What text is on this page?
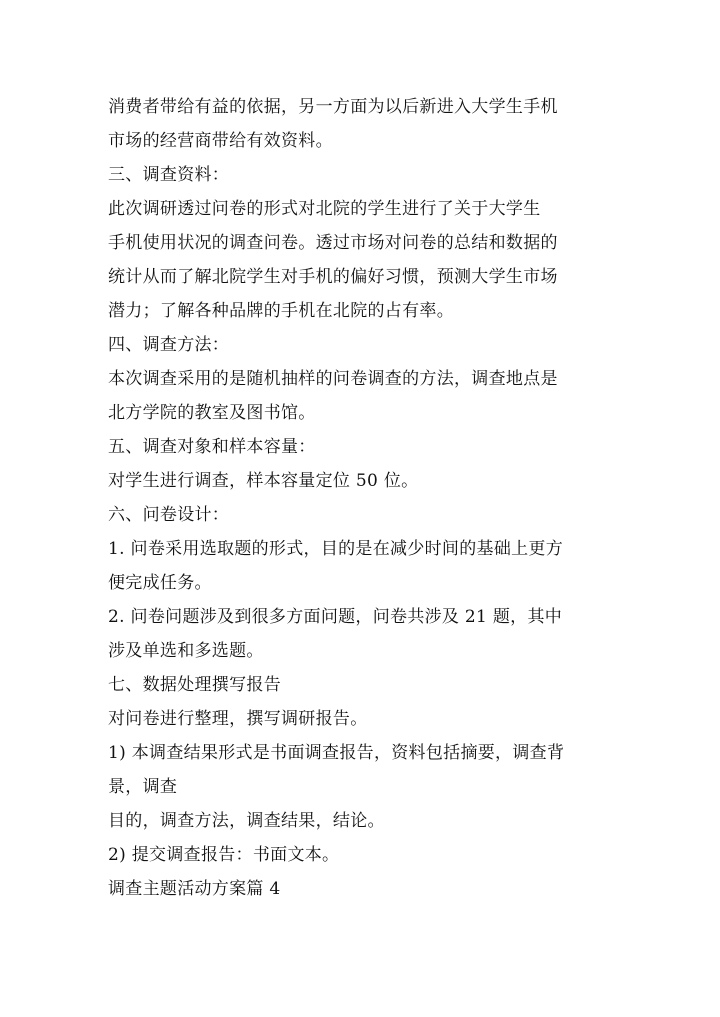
消费者带给有益的依据，另一方面为以后新进入大学生手机
市场的经营商带给有效资料。
三、调查资料：
此次调研透过问卷的形式对北院的学生进行了关于大学生
手机使用状况的调查问卷。透过市场对问卷的总结和数据的
统计从而了解北院学生对手机的偏好习惯，预测大学生市场
潜力；了解各种品牌的手机在北院的占有率。
四、调查方法：
本次调查采用的是随机抽样的问卷调查的方法，调查地点是
北方学院的教室及图书馆。
五、调查对象和样本容量：
对学生进行调查，样本容量定位 50 位。
六、问卷设计：
1. 问卷采用选取题的形式，目的是在减少时间的基础上更方
便完成任务。
2. 问卷问题涉及到很多方面问题，问卷共涉及 21 题，其中
涉及单选和多选题。
七、数据处理撰写报告
对问卷进行整理，撰写调研报告。
1) 本调查结果形式是书面调查报告，资料包括摘要，调查背
景，调查
目的，调查方法，调查结果，结论。
2) 提交调查报告：书面文本。
调查主题活动方案篇 4
